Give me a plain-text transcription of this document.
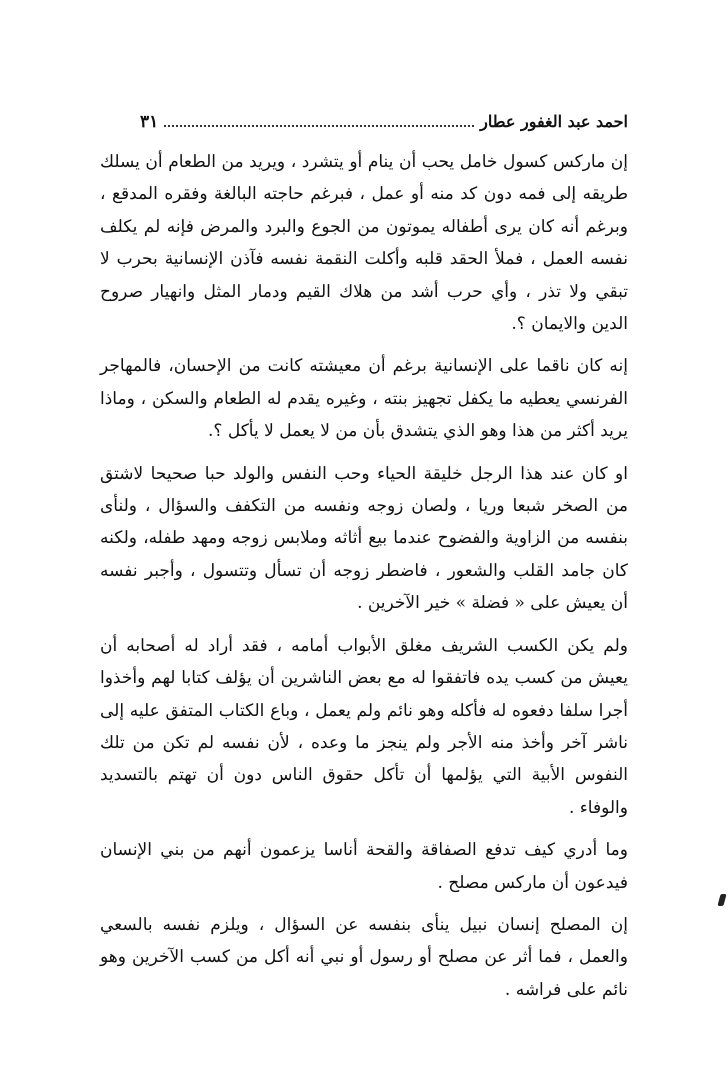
احمد عبد الغفور عطار
٣١

إن ماركس كسول خامل يحب أن ينام أو يتشرد ، ويريد من الطعام أن يسلك طريقه إلى فمه دون كد منه أو عمل ، فبرغم حاجته البالغة وفقره المدقع ، وبرغم أنه كان يرى أطفاله يموتون من الجوع والبرد والمرض فإنه لم يكلف نفسه العمل ، فملأ الحقد قلبه وأكلت النقمة نفسه فآذن الإنسانية بحرب لا تبقي ولا تذر ، وأي حرب أشد من هلاك القيم ودمار المثل وانهيار صروح الدين والايمان ؟.

إنه كان ناقما على الإنسانية برغم أن معيشته كانت من الإحسان، فالمهاجر الفرنسي يعطيه ما يكفل تجهيز بنته ، وغيره يقدم له الطعام والسكن ، وماذا يريد أكثر من هذا وهو الذي يتشدق بأن من لا يعمل لا يأكل ؟.

او كان عند هذا الرجل خليقة الحياء وحب النفس والولد حبا صحيحا لاشتق من الصخر شبعا وريا ، ولصان زوجه ونفسه من التكفف والسؤال ، ولنأى بنفسه من الزاوية والفضوح عندما بيع أثاثه وملابس زوجه ومهد طفله، ولكنه كان جامد القلب والشعور ، فاضطر زوجه أن تسأل وتتسول ، وأجبر نفسه أن يعيش على « فضلة » خير الآخرين .

ولم يكن الكسب الشريف مغلق الأبواب أمامه ، فقد أراد له أصحابه أن يعيش من كسب يده فاتفقوا له مع بعض الناشرين أن يؤلف كتابا لهم وأخذوا أجرا سلفا دفعوه له فأكله وهو نائم ولم يعمل ، وباع الكتاب المتفق عليه إلى ناشر آخر وأخذ منه الأجر ولم ينجز ما وعده ، لأن نفسه لم تكن من تلك النفوس الأبية التي يؤلمها أن تأكل حقوق الناس دون أن تهتم بالتسديد والوفاء .

وما أدري كيف تدفع الصفاقة والقحة أناسا يزعمون أنهم من بني الإنسان فيدعون أن ماركس مصلح .

إن المصلح إنسان نبيل ينأى بنفسه عن السؤال ، ويلزم نفسه بالسعي والعمل ، فما أثر عن مصلح أو رسول أو نبي أنه أكل من كسب الآخرين وهو نائم على فراشه .
